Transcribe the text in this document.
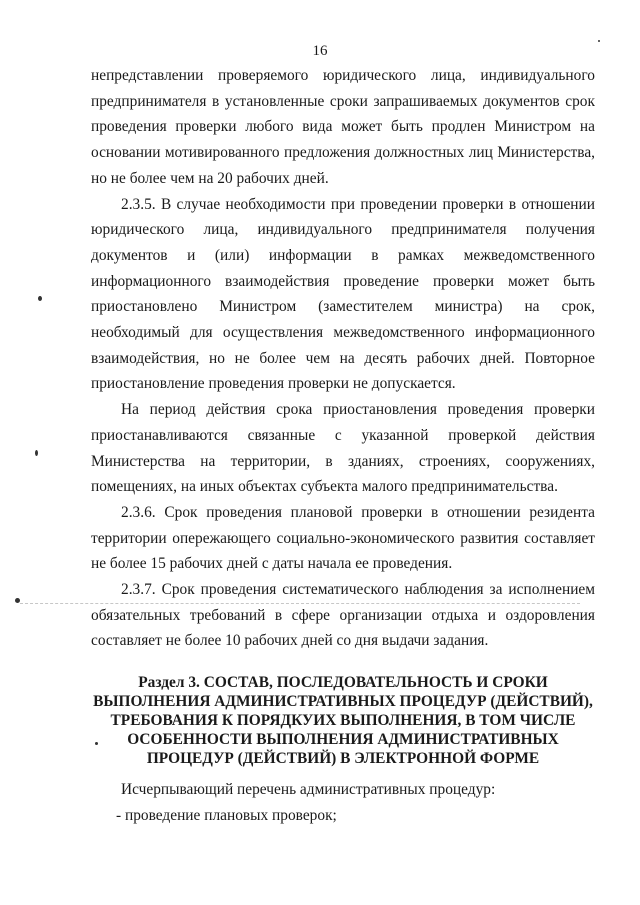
16

непредставлении проверяемого юридического лица, индивидуального предпринимателя в установленные сроки запрашиваемых документов срок проведения проверки любого вида может быть продлен Министром на основании мотивированного предложения должностных лиц Министерства, но не более чем на 20 рабочих дней.

2.3.5. В случае необходимости при проведении проверки в отношении юридического лица, индивидуального предпринимателя получения документов и (или) информации в рамках межведомственного информационного взаимодействия проведение проверки может быть приостановлено Министром (заместителем министра) на срок, необходимый для осуществления межведомственного информационного взаимодействия, но не более чем на десять рабочих дней. Повторное приостановление проведения проверки не допускается.

На период действия срока приостановления проведения проверки приостанавливаются связанные с указанной проверкой действия Министерства на территории, в зданиях, строениях, сооружениях, помещениях, на иных объектах субъекта малого предпринимательства.

2.3.6. Срок проведения плановой проверки в отношении резидента территории опережающего социально-экономического развития составляет не более 15 рабочих дней с даты начала ее проведения.

2.3.7. Срок проведения систематического наблюдения за исполнением обязательных требований в сфере организации отдыха и оздоровления составляет не более 10 рабочих дней со дня выдачи задания.

Раздел 3. СОСТАВ, ПОСЛЕДОВАТЕЛЬНОСТЬ И СРОКИ
ВЫПОЛНЕНИЯ АДМИНИСТРАТИВНЫХ ПРОЦЕДУР (ДЕЙСТВИЙ),
ТРЕБОВАНИЯ К ПОРЯДКУИХ ВЫПОЛНЕНИЯ, В ТОМ ЧИСЛЕ
ОСОБЕННОСТИ ВЫПОЛНЕНИЯ АДМИНИСТРАТИВНЫХ
ПРОЦЕДУР (ДЕЙСТВИЙ) В ЭЛЕКТРОННОЙ ФОРМЕ

Исчерпывающий перечень административных процедур:

- проведение плановых проверок;
